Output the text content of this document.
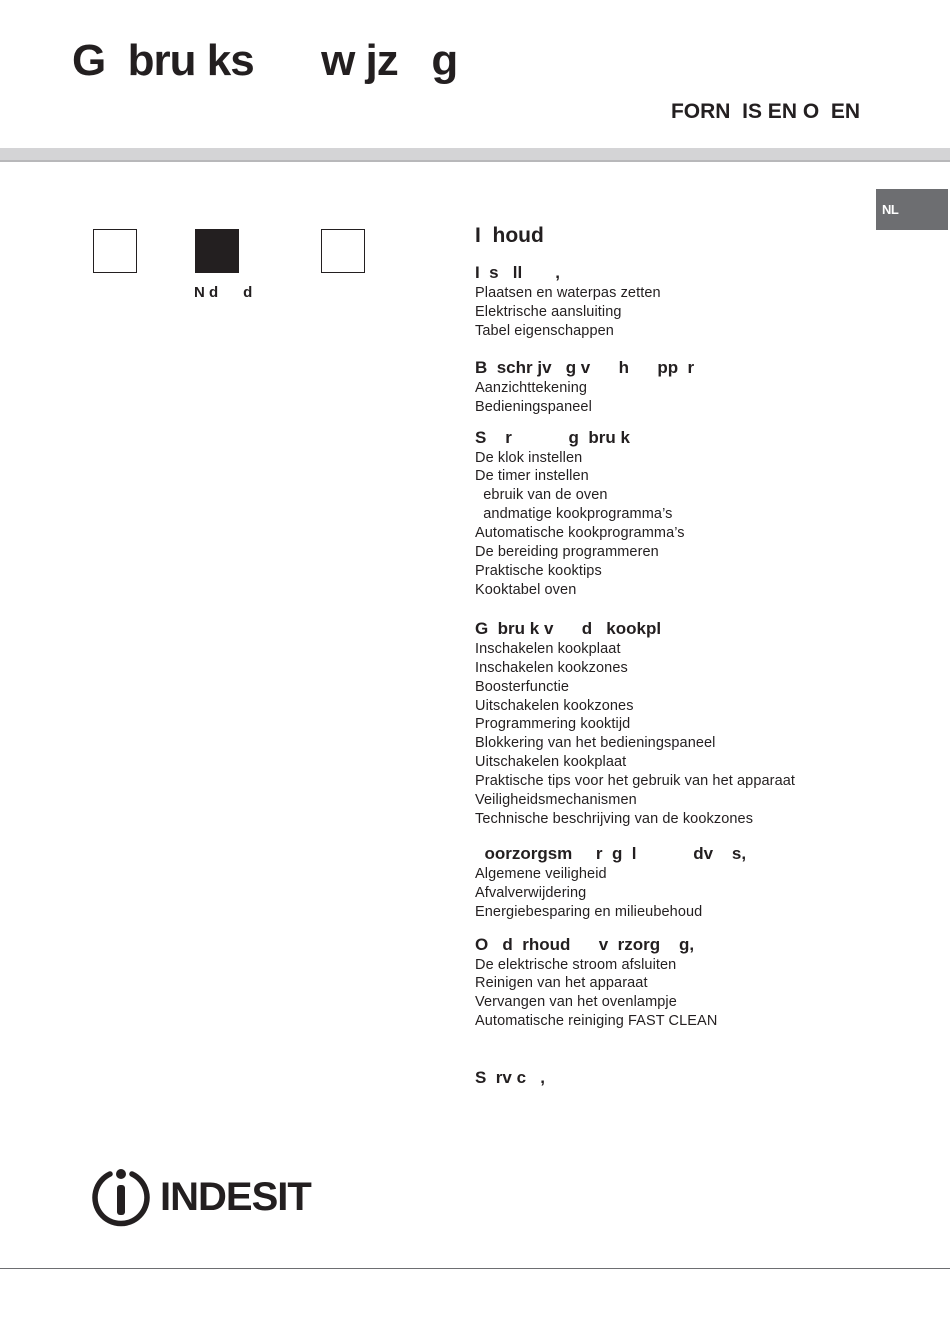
G  bru ks      w jz   g
FORN  IS EN O  EN
NL
N d      d
I  houd
I  s   ll       ,
Plaatsen en waterpas zetten
Elektrische aansluiting
Tabel eigenschappen
B  schr jv   g v      h      pp  r
Aanzichttekening
Bedieningspaneel
S    r            g  bru k
De klok instellen
De timer instellen
ebruik van de oven
andmatige kookprogramma’s
Automatische kookprogramma’s
De bereiding programmeren
Praktische kooktips
Kooktabel oven
G  bru k v      d   kookpl
Inschakelen kookplaat
Inschakelen kookzones
Boosterfunctie
Uitschakelen kookzones
Programmering kooktijd
Blokkering van het bedieningspaneel
Uitschakelen kookplaat
Praktische tips voor het gebruik van het apparaat
Veiligheidsmechanismen
Technische beschrijving van de kookzones
oorzorgsm     r  g  l            dv    s,
Algemene veiligheid
Afvalverwijdering
Energiebesparing en milieubehoud
O   d  rhoud      v  rzorg    g,
De elektrische stroom afsluiten
Reinigen van het apparaat
Vervangen van het ovenlampje
Automatische reiniging FAST CLEAN
S  rv c   ,
INDESIT
